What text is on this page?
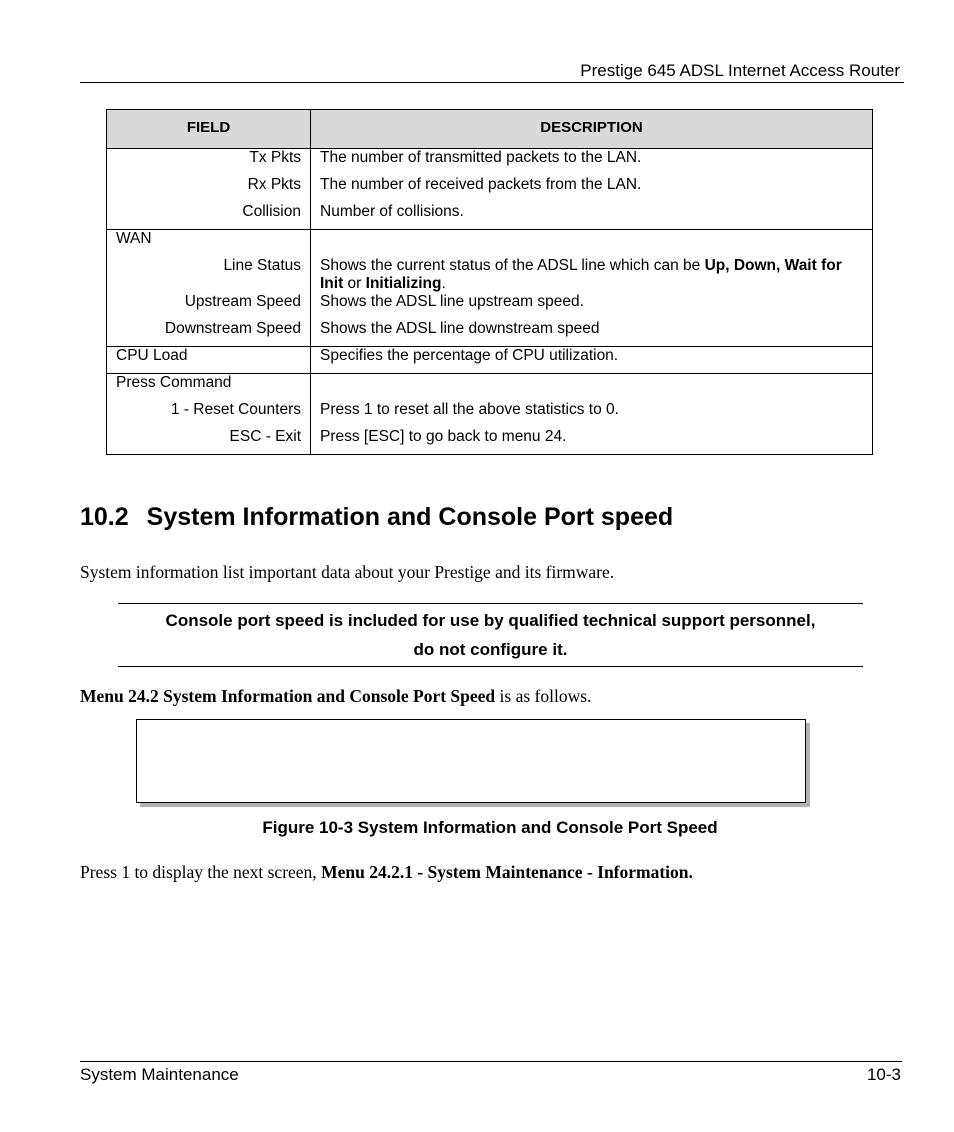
Prestige 645 ADSL Internet Access Router
FIELD	DESCRIPTION
Tx Pkts	The number of transmitted packets to the LAN.
Rx Pkts	The number of received packets from the LAN.
Collision	Number of collisions.
WAN	
Line Status	Shows the current status of the ADSL line which can be Up, Down, Wait for Init or Initializing.
Upstream Speed	Shows the ADSL line upstream speed.
Downstream Speed	Shows the ADSL line downstream speed
CPU Load	Specifies the percentage of CPU utilization.
Press Command	
1 - Reset Counters	Press 1 to reset all the above statistics to 0.
ESC - Exit	Press [ESC] to go back to menu 24.
10.2 System Information and Console Port speed

System information list important data about your Prestige and its firmware.

Console port speed is included for use by qualified technical support personnel,
do not configure it.

Menu 24.2 System Information and Console Port Speed is as follows.

Figure 10-3 System Information and Console Port Speed

Press 1 to display the next screen, Menu 24.2.1 - System Maintenance - Information.

System Maintenance	10-3
